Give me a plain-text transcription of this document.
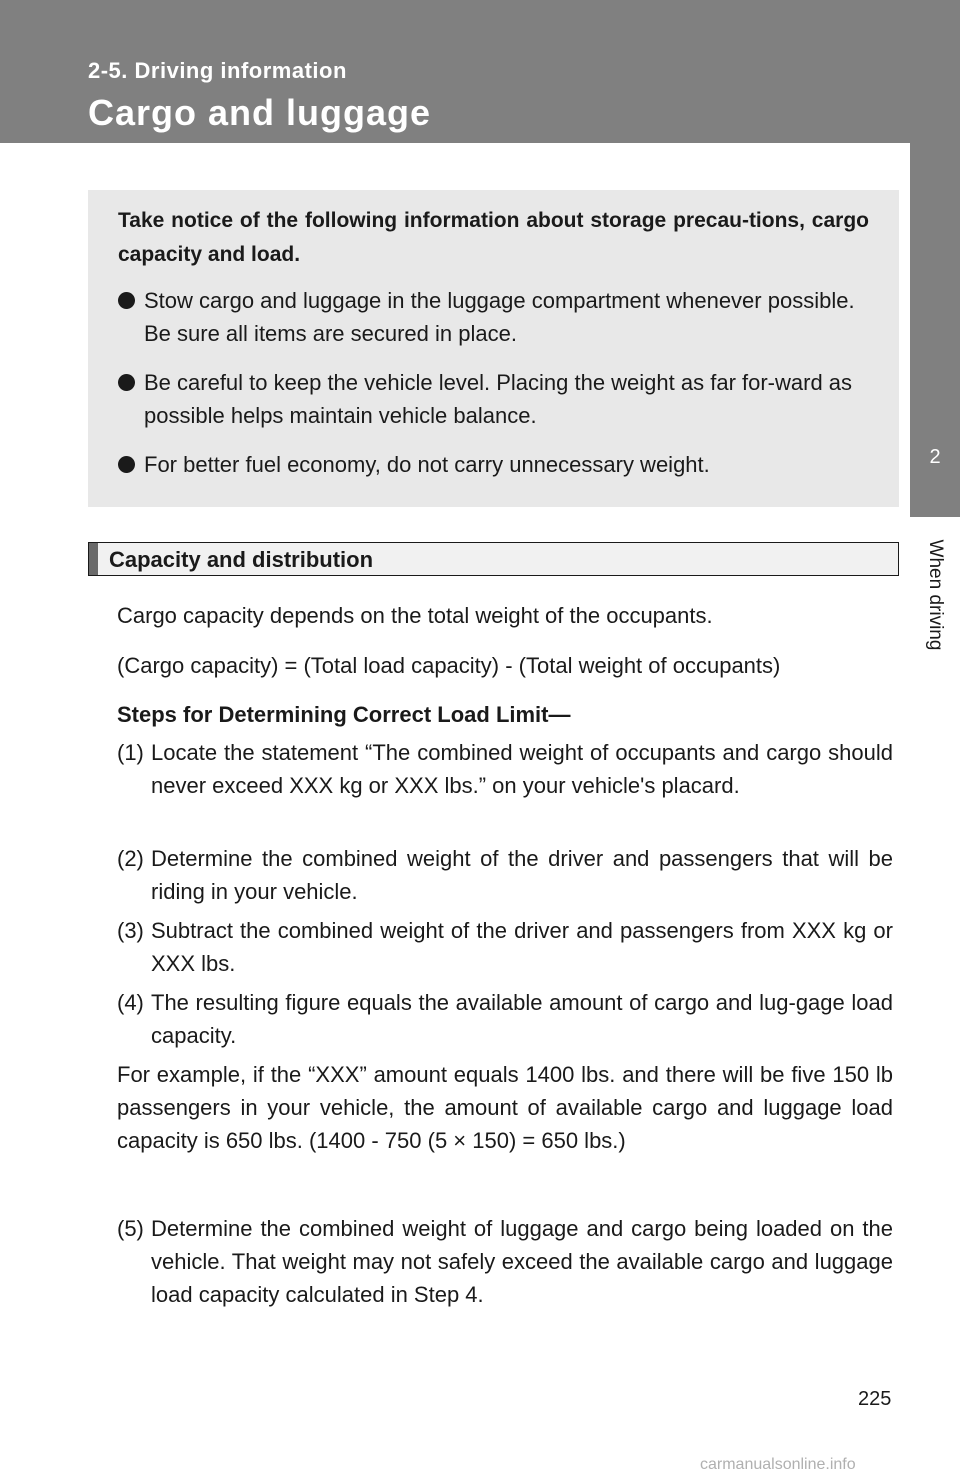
2-5. Driving information
Cargo and luggage
2
When driving

Take notice of the following information about storage precau-tions, cargo capacity and load.

Stow cargo and luggage in the luggage compartment whenever possible. Be sure all items are secured in place.
Be careful to keep the vehicle level. Placing the weight as far for-ward as possible helps maintain vehicle balance.
For better fuel economy, do not carry unnecessary weight.
Capacity and distribution

Cargo capacity depends on the total weight of the occupants.

(Cargo capacity) = (Total load capacity) - (Total weight of occupants)

Steps for Determining Correct Load Limit—

(1) Locate the statement “The combined weight of occupants and cargo should never exceed XXX kg or XXX lbs.” on your vehicle's placard.
(2) Determine the combined weight of the driver and passengers that will be riding in your vehicle.
(3) Subtract the combined weight of the driver and passengers from XXX kg or XXX lbs.
(4) The resulting figure equals the available amount of cargo and lug-gage load capacity.
For example, if the “XXX” amount equals 1400 lbs. and there will be five 150 lb passengers in your vehicle, the amount of available cargo and luggage load capacity is 650 lbs. (1400 - 750 (5 × 150) = 650 lbs.)
(5) Determine the combined weight of luggage and cargo being loaded on the vehicle. That weight may not safely exceed the available cargo and luggage load capacity calculated in Step 4.
225
carmanualsonline.info
